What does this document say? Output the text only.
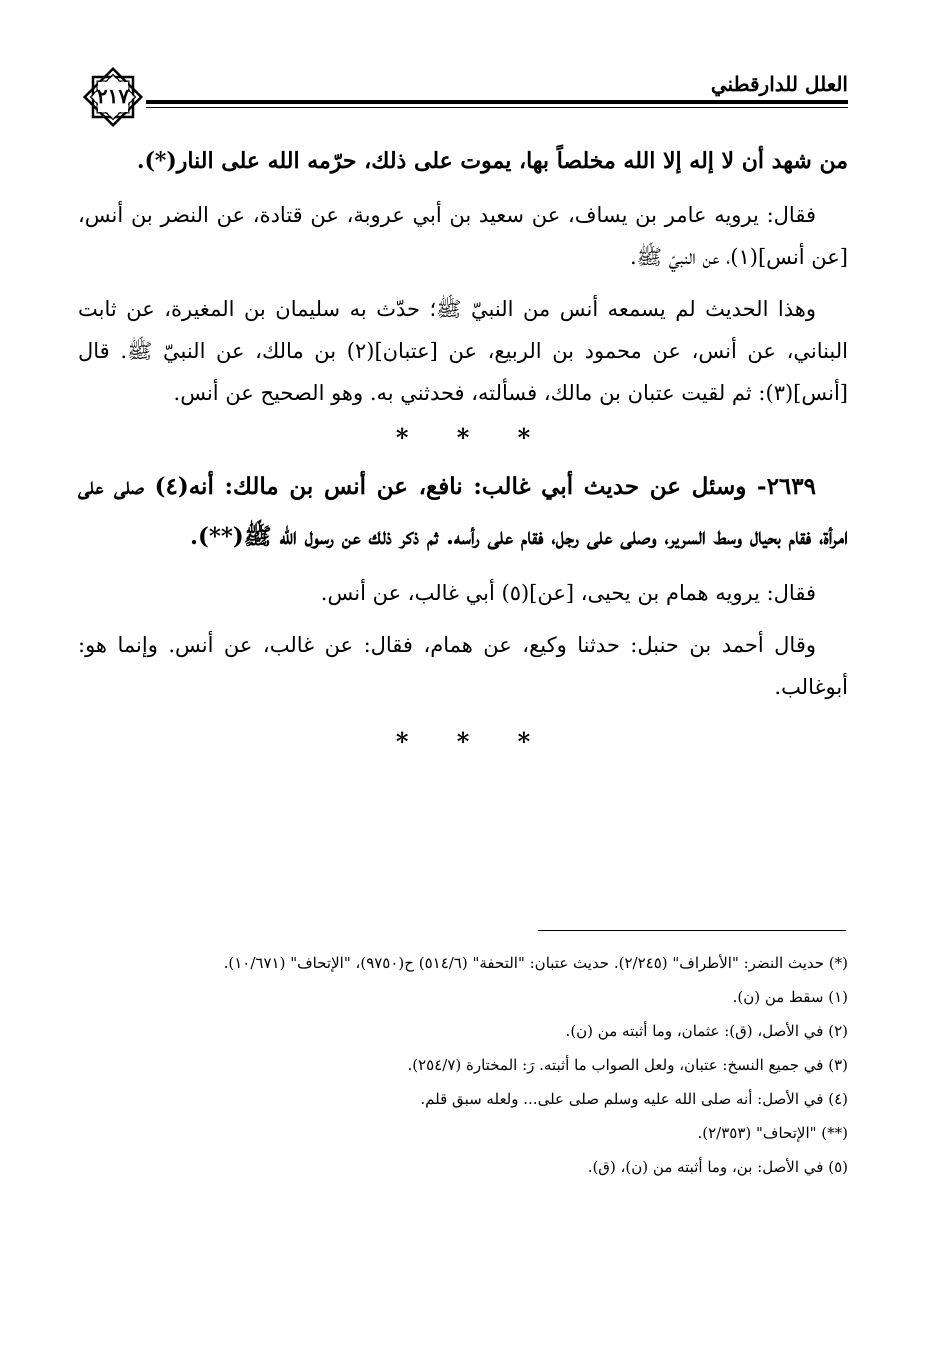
٢١٧	العلل للدارقطني

من شهد أن لا إله إلا الله مخلصاً بها، يموت على ذلك، حرّمه الله على النار(*).

فقال: يرويه عامر بن يساف، عن سعيد بن أبي عروبة، عن قتادة، عن النضر بن أنس، [عن أنس](١)، عن النبيّ ﷺ.

وهذا الحديث لم يسمعه أنس من النبيّ ﷺ؛ حدّث به سليمان بن المغيرة، عن ثابت البناني، عن أنس، عن محمود بن الربيع، عن [عتبان](٢) بن مالك، عن النبيّ ﷺ. قال [أنس](٣): ثم لقيت عتبان بن مالك، فسألته، فحدثني به. وهو الصحيح عن أنس.

* * *

٢٦٣٩- وسئل عن حديث أبي غالب: نافع، عن أنس بن مالك: أنه(٤) صلى على امرأة، فقام بحيال وسط السرير، وصلى على رجل، فقام على رأسه. ثم ذكر ذلك عن رسول الله ﷺ(**).

فقال: يرويه همام بن يحيى، [عن](٥) أبي غالب، عن أنس.

وقال أحمد بن حنبل: حدثنا وكيع، عن همام، فقال: عن غالب، عن أنس. وإنما هو: أبوغالب.

* * *

(*) حديث النضر: "الأطراف" (٢/٢٤٥). حديث عتبان: "التحفة" (٥١٤/٦) ح(٩٧٥٠)، "الإتحاف" (١٠/٦٧١).

(١) سقط من (ن).

(٢) في الأصل، (ق): عثمان، وما أثبته من (ن).

(٣) في جميع النسخ: عتبان، ولعل الصواب ما أثبته. رَ: المختارة (٢٥٤/٧).

(٤) في الأصل: أنه صلى الله عليه وسلم صلى على... ولعله سبق قلم.

(**) "الإتحاف" (٢/٣٥٣).

(٥) في الأصل: بن، وما أثبته من (ن)، (ق).
